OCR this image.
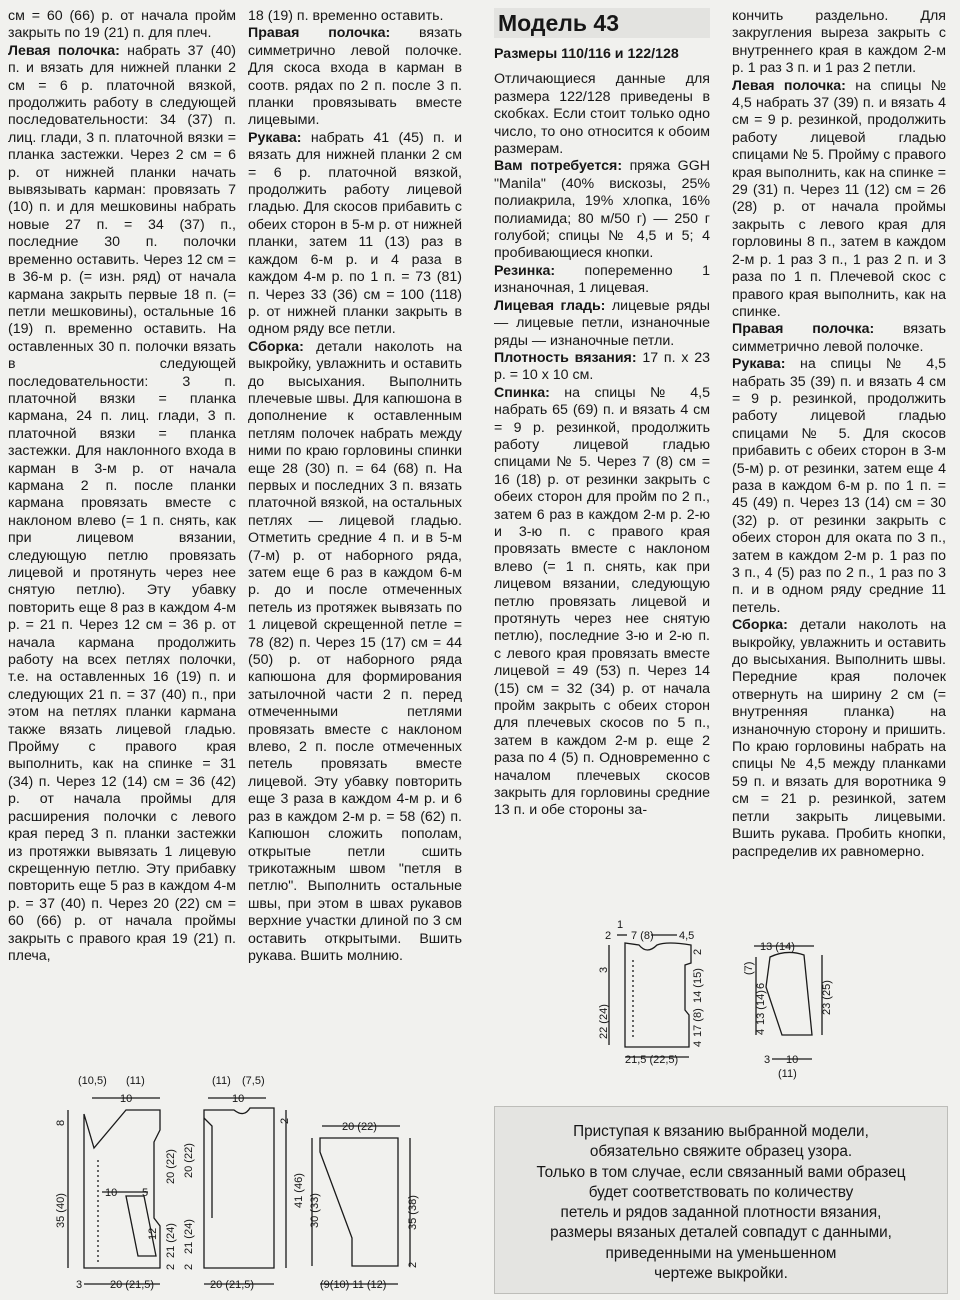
см = 60 (66) р. от начала пройм закрыть по 19 (21) п. для плеч.

Левая полочка: набрать 37 (40) п. и вязать для нижней планки 2 см = 6 р. платочной вязкой, продолжить работу в следующей последовательности: 34 (37) п. лиц. глади, 3 п. платочной вязки = планка застежки. Через 2 см = 6 р. от нижней планки начать вывязывать карман: провязать 7 (10) п. и для мешковины набрать новые 27 п. = 34 (37) п., последние 30 п. полочки временно оставить. Через 12 см = в 36-м р. (= изн. ряд) от начала кармана закрыть первые 18 п. (= петли мешковины), остальные 16 (19) п. временно оставить. На оставленных 30 п. полочки вязать в следующей последовательности: 3 п. платочной вязки = планка кармана, 24 п. лиц. глади, 3 п. платочной вязки = планка застежки. Для наклонного входа в карман в 3-м р. от начала кармана 2 п. после планки кармана провязать вместе с наклоном влево (= 1 п. снять, как при лицевом вязании, следующую петлю провязать лицевой и протянуть через нее снятую петлю). Эту убавку повторить еще 8 раз в каждом 4-м р. = 21 п. Через 12 см = 36 р. от начала кармана продолжить работу на всех петлях полочки, т.е. на оставленных 16 (19) п. и следующих 21 п. = 37 (40) п., при этом на петлях планки кармана также вязать лицевой гладью. Пройму с правого края выполнить, как на спинке = 31 (34) п. Через 12 (14) см = 36 (42) р. от начала проймы для расширения полочки с левого края перед 3 п. планки застежки из протяжки вывязать 1 лицевую скрещенную петлю. Эту прибавку повторить еще 5 раз в каждом 4-м р. = 37 (40) п. Через 20 (22) см = 60 (66) р. от начала проймы закрыть с правого края 19 (21) п. плеча,

18 (19) п. временно оставить.

Правая полочка: вязать симметрично левой полочке. Для скоса входа в карман в соотв. рядах по 2 п. после 3 п. планки провязывать вместе лицевыми.

Рукава: набрать 41 (45) п. и вязать для нижней планки 2 см = 6 р. платочной вязкой, продолжить работу лицевой гладью. Для скосов прибавить с обеих сторон в 5-м р. от нижней планки, затем 11 (13) раз в каждом 6-м р. и 4 раза в каждом 4-м р. по 1 п. = 73 (81) п. Через 33 (36) см = 100 (118) р. от нижней планки закрыть в одном ряду все петли.

Сборка: детали наколоть на выкройку, увлажнить и оставить до высыхания. Выполнить плечевые швы. Для капюшона в дополнение к оставленным петлям полочек набрать между ними по краю горловины спинки еще 28 (30) п. = 64 (68) п. На первых и последних 3 п. вязать платочной вязкой, на остальных петлях — лицевой гладью. Отметить средние 4 п. и в 5-м (7-м) р. от наборного ряда, затем еще 6 раз в каждом 6-м р. до и после отмеченных петель из протяжек вывязать по 1 лицевой скрещенной петле = 78 (82) п. Через 15 (17) см = 44 (50) р. от наборного ряда капюшона для формирования затылочной части 2 п. перед отмеченными петлями провязать вместе с наклоном влево, 2 п. после отмеченных петель провязать вместе лицевой. Эту убавку повторить еще 3 раза в каждом 4-м р. и 6 раз в каждом 2-м р. = 58 (62) п. Капюшон сложить пополам, открытые петли сшить трикотажным швом "петля в петлю". Выполнить остальные швы, при этом в швах рукавов верхние участки длиной по 3 см оставить открытыми. Вшить рукава. Вшить молнию.

Модель 43
Размеры 110/116 и 122/128

Отличающиеся данные для размера 122/128 приведены в скобках. Если стоит только одно число, то оно относится к обоим размерам.

Вам потребуется: пряжа GGH "Manila" (40% вискозы, 25% полиакрила, 19% хлопка, 16% полиамида; 80 м/50 г) — 250 г голубой; спицы № 4,5 и 5; 4 пробивающиеся кнопки.

Резинка: попеременно 1 изнаночная, 1 лицевая.

Лицевая гладь: лицевые ряды — лицевые петли, изнаночные ряды — изнаночные петли.

Плотность вязания: 17 п. х 23 р. = 10 х 10 см.

Спинка: на спицы № 4,5 набрать 65 (69) п. и вязать 4 см = 9 р. резинкой, продолжить работу лицевой гладью спицами № 5. Через 7 (8) см = 16 (18) р. от резинки закрыть с обеих сторон для пройм по 2 п., затем 6 раз в каждом 2-м р. 2-ю и 3-ю п. с правого края провязать вместе с наклоном влево (= 1 п. снять, как при лицевом вязании, следующую петлю провязать лицевой и протянуть через нее снятую петлю), последние 3-ю и 2-ю п. с левого края провязать вместе лицевой = 49 (53) п. Через 14 (15) см = 32 (34) р. от начала пройм закрыть с обеих сторон для плечевых скосов по 5 п., затем в каждом 2-м р. еще 2 раза по 4 (5) п. Одновременно с началом плечевых скосов закрыть для горловины средние 13 п. и обе стороны за-

кончить раздельно. Для закругления выреза закрыть с внутреннего края в каждом 2-м р. 1 раз 3 п. и 1 раз 2 петли.

Левая полочка: на спицы № 4,5 набрать 37 (39) п. и вязать 4 см = 9 р. резинкой, продолжить работу лицевой гладью спицами № 5. Пройму с правого края выполнить, как на спинке = 29 (31) п. Через 11 (12) см = 26 (28) р. от начала проймы закрыть с левого края для горловины 8 п., затем в каждом 2-м р. 1 раз 3 п., 1 раз 2 п. и 3 раза по 1 п. Плечевой скос с правого края выполнить, как на спинке.

Правая полочка: вязать симметрично левой полочке.

Рукава: на спицы № 4,5 набрать 35 (39) п. и вязать 4 см = 9 р. резинкой, продолжить работу лицевой гладью спицами № 5. Для скосов прибавить с обеих сторон в 3-м (5-м) р. от резинки, затем еще 4 раза в каждом 6-м р. по 1 п. = 45 (49) п. Через 13 (14) см = 30 (32) р. от резинки закрыть с обеих сторон для оката по 3 п., затем в каждом 2-м р. 1 раз по 3 п., 4 (5) раз по 2 п., 1 раз по 3 п. и в одном ряду средние 11 петель.

Сборка: детали наколоть на выкройку, увлажнить и оставить до высыхания. Выполнить швы. Передние края полочек отвернуть на ширину 2 см (= внутренняя планка) на изнаночную сторону и пришить. По краю горловины набрать на спицы № 4,5 между планками 59 п. и вязать для воротника 9 см = 21 р. резинкой, затем петли закрыть лицевыми. Вшить рукава. Пробить кнопки, распределив их равномерно.

1
2 7 (8) 4,5
3
22 (24)
2
14 (15)
17 (8)
4
21,5 (22,5)
13 (14)
(7)
6
13 (14)
4
23 (25)
3 10
(11)
(10,5) (11)
10
10 5
8
35 (40)
20 (22)
12 21 (24)
2
3	20 (21,5)
(11) (7,5)
10
2
41 (46)
20 (22)
21 (24)
2
20 (21,5)
20 (22)
30 (33)	35 (38)
2
(9(10) 11 (12)
Приступая к вязанию выбранной модели,
обязательно свяжите образец узора.
Только в том случае, если связанный вами образец
будет соответствовать по количеству
петель и рядов заданной плотности вязания,
размеры вязаных деталей совпадут с данными,
приведенными на уменьшенном
чертеже выкройки.
